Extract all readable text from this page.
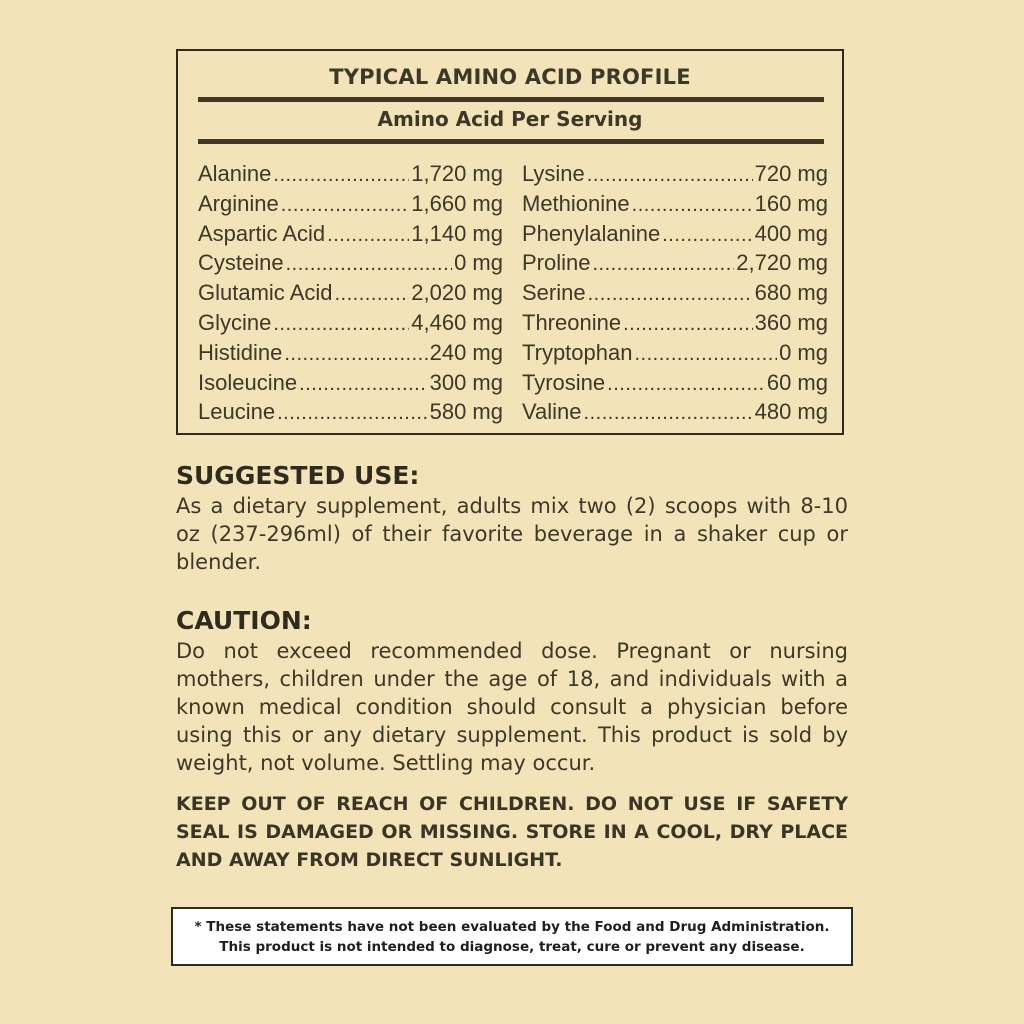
TYPICAL AMINO ACID PROFILE
Amino Acid Per Serving
Alanine .....	1,720 mg
Arginine .....	1,660 mg
Aspartic Acid .....	1,140 mg
Cysteine .....	0 mg
Glutamic Acid .....	2,020 mg
Glycine .....	4,460 mg
Histidine .....	240 mg
Isoleucine .....	300 mg
Leucine .....	580 mg
Lysine .....	720 mg
Methionine .....	160 mg
Phenylalanine .....	400 mg
Proline .....	2,720 mg
Serine .....	680 mg
Threonine .....	360 mg
Tryptophan .....	0 mg
Tyrosine .....	60 mg
Valine .....	480 mg
SUGGESTED USE:

As a dietary supplement, adults mix two (2) scoops with 8-10 oz (237-296ml) of their favorite beverage in a shaker cup or blender.

CAUTION:

Do not exceed recommended dose. Pregnant or nursing mothers, children under the age of 18, and individuals with a known medical condition should consult a physician before using this or any dietary supplement. This product is sold by weight, not volume. Settling may occur.

KEEP OUT OF REACH OF CHILDREN. DO NOT USE IF SAFETY SEAL IS DAMAGED OR MISSING. STORE IN A COOL, DRY PLACE AND AWAY FROM DIRECT SUNLIGHT.

* These statements have not been evaluated by the Food and Drug Administration.
This product is not intended to diagnose, treat, cure or prevent any disease.
